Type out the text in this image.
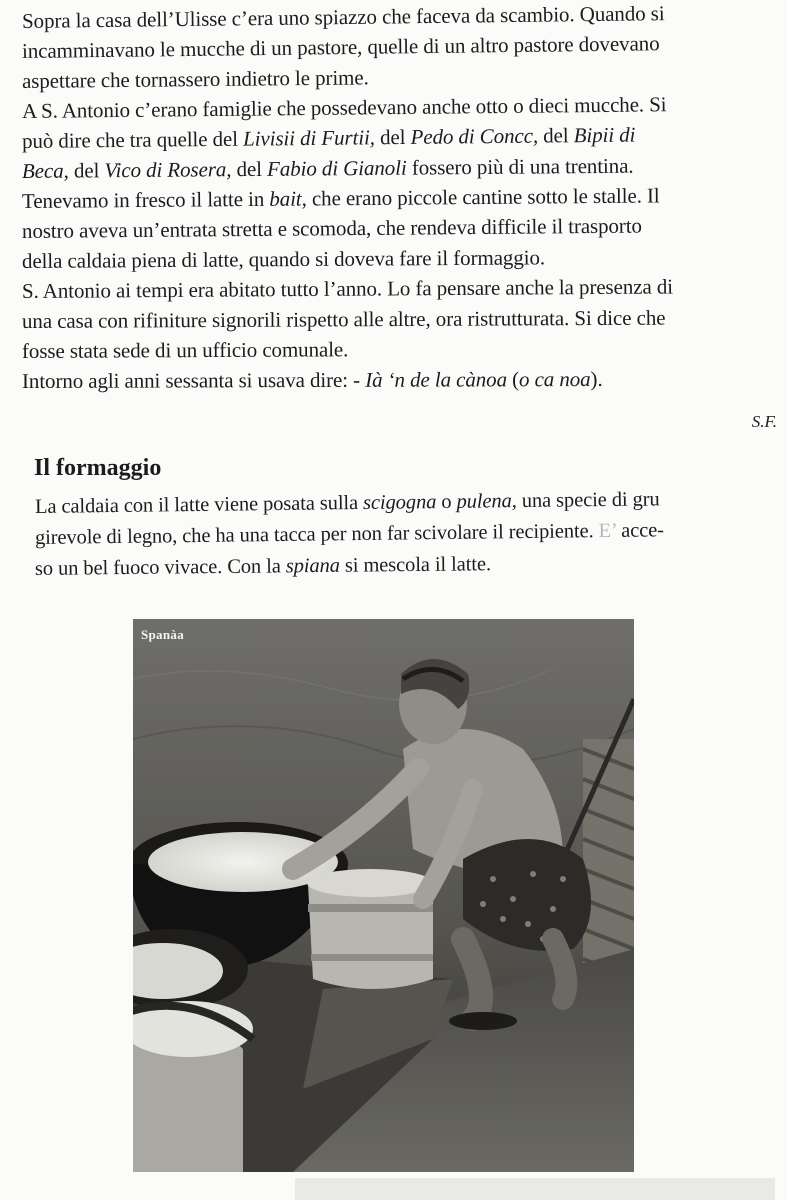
Sopra la casa dell’Ulisse c’era uno spiazzo che faceva da scambio. Quando si
incamminavano le mucche di un pastore, quelle di un altro pastore dovevano
aspettare che tornassero indietro le prime.
A S. Antonio c’erano famiglie che possedevano anche otto o dieci mucche. Si
può dire che tra quelle del Livisii di Furtii, del Pedo di Concc, del Bipii di
Beca, del Vico di Rosera, del Fabio di Gianoli fossero più di una trentina.
Tenevamo in fresco il latte in bait, che erano piccole cantine sotto le stalle. Il
nostro aveva un’entrata stretta e scomoda, che rendeva difficile il trasporto
della caldaia piena di latte, quando si doveva fare il formaggio.
S. Antonio ai tempi era abitato tutto l’anno. Lo fa pensare anche la presenza di
una casa con rifiniture signorili rispetto alle altre, ora ristrutturata. Si dice che
fosse stata sede di un ufficio comunale.
Intorno agli anni sessanta si usava dire: - Ià ‘n de la cànoa (o ca noa).
S.F.
Il formaggio
La caldaia con il latte viene posata sulla scigogna o pulena, una specie di gru
girevole di legno, che ha una tacca per non far scivolare il recipiente. E’ acce-
so un bel fuoco vivace. Con la spiana si mescola il latte.
Spanàa
